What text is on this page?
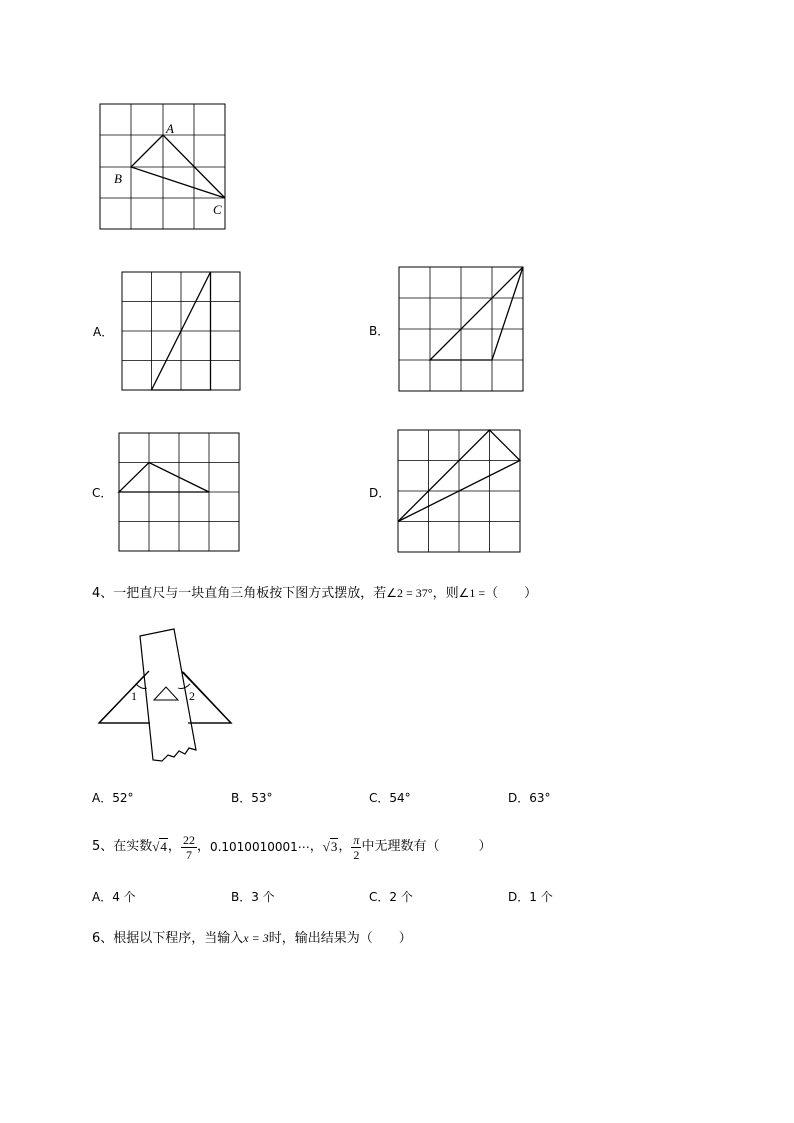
A
B
C
A．	B．
C．	D．
4、一把直尺与一块直角三角板按下图方式摆放，若∠2 = 37°，则∠1 =（　　）
1	2
A．52°	B．53°	C．54°	D．63°
5、在实数 √4 ， $\frac{22}{7}$ ， 0.1010010001⋯ ， √3 ， $\frac{\pi}{2}$ 中无理数有（　　　）
A．4 个	B．3 个	C．2 个	D．1 个
6、根据以下程序，当输入x = 3时，输出结果为（　　）
